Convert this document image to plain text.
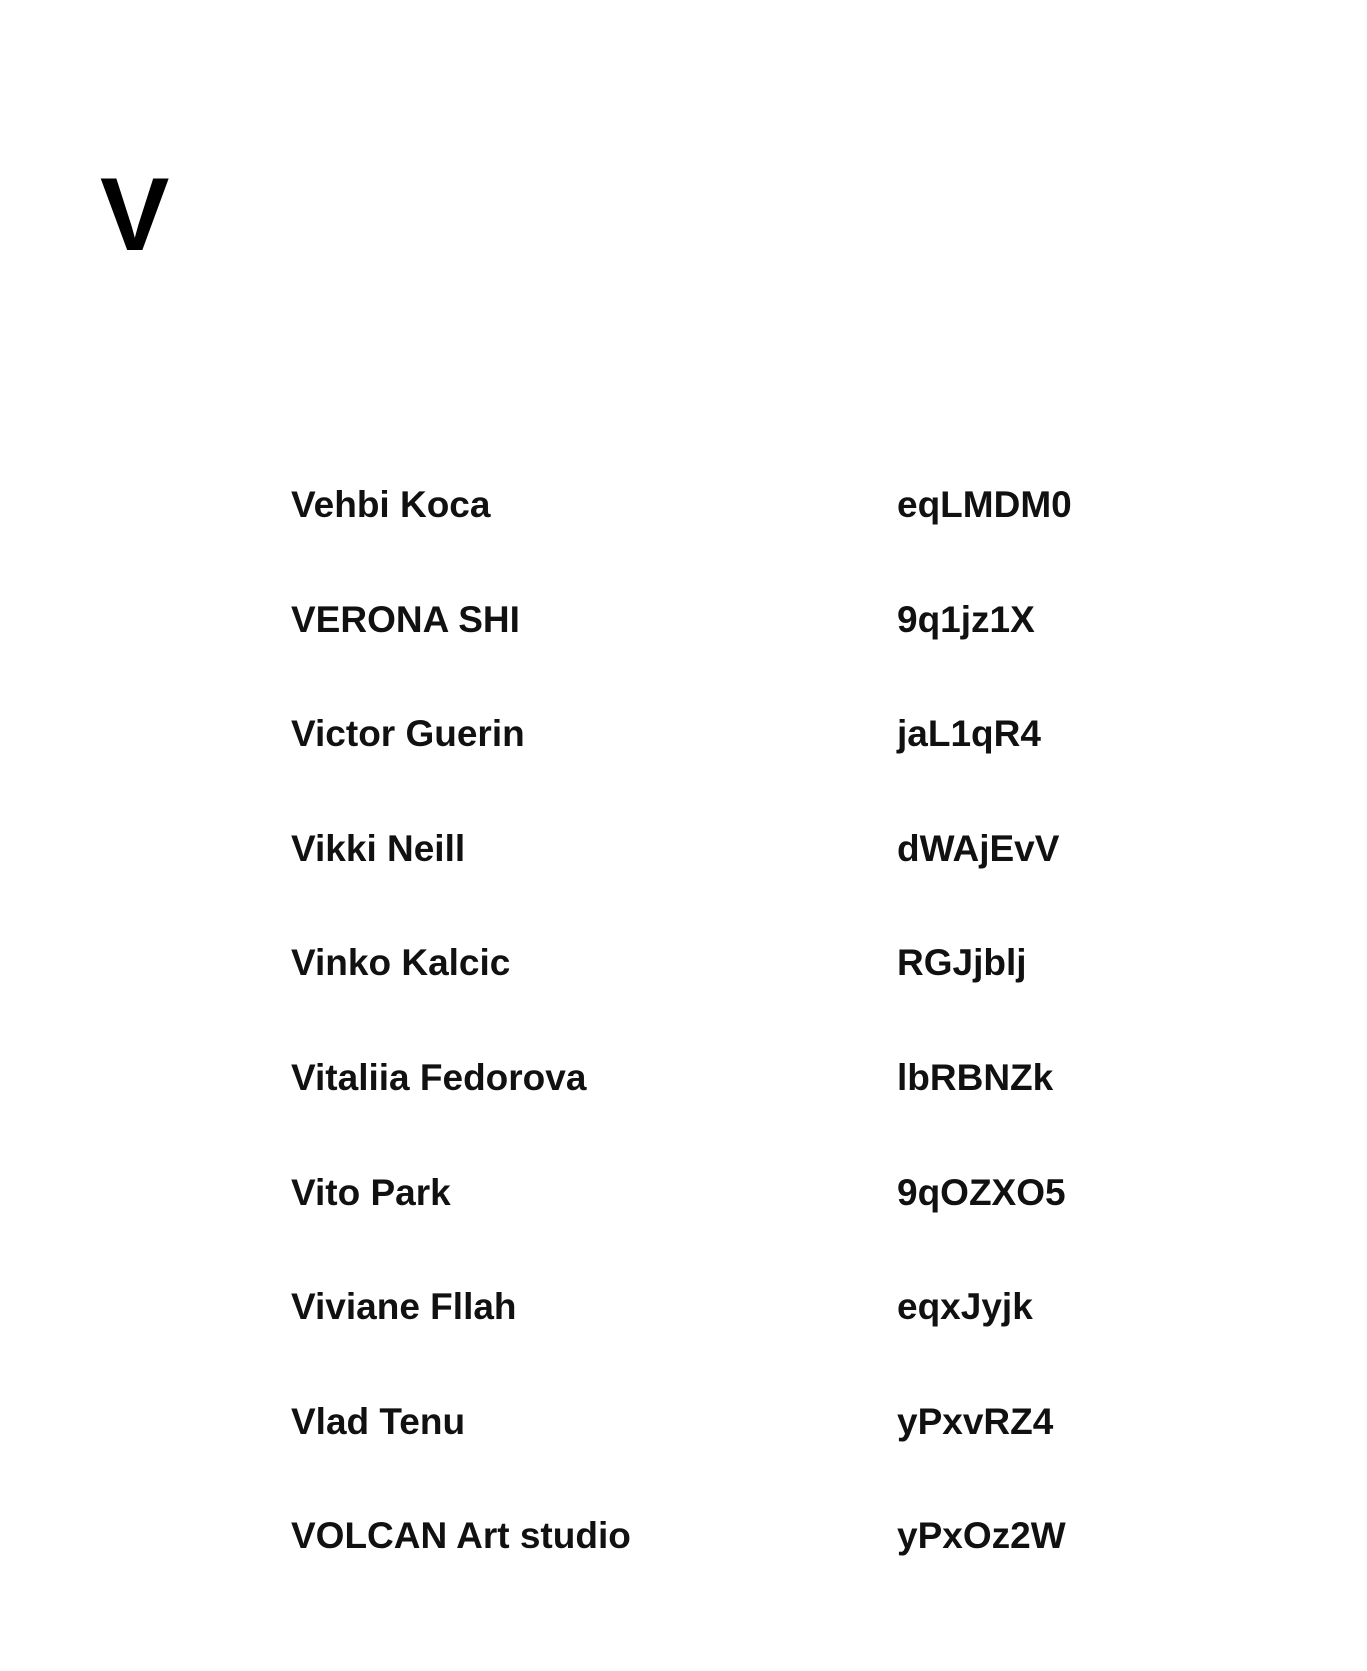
V
Vehbi Koca	eqLMDM0
VERONA SHI	9q1jz1X
Victor Guerin	jaL1qR4
Vikki Neill	dWAjEvV
Vinko Kalcic	RGJjblj
Vitaliia Fedorova	lbRBNZk
Vito Park	9qOZXO5
Viviane Fllah	eqxJyjk
Vlad Tenu	yPxvRZ4
VOLCAN Art studio	yPxOz2W
